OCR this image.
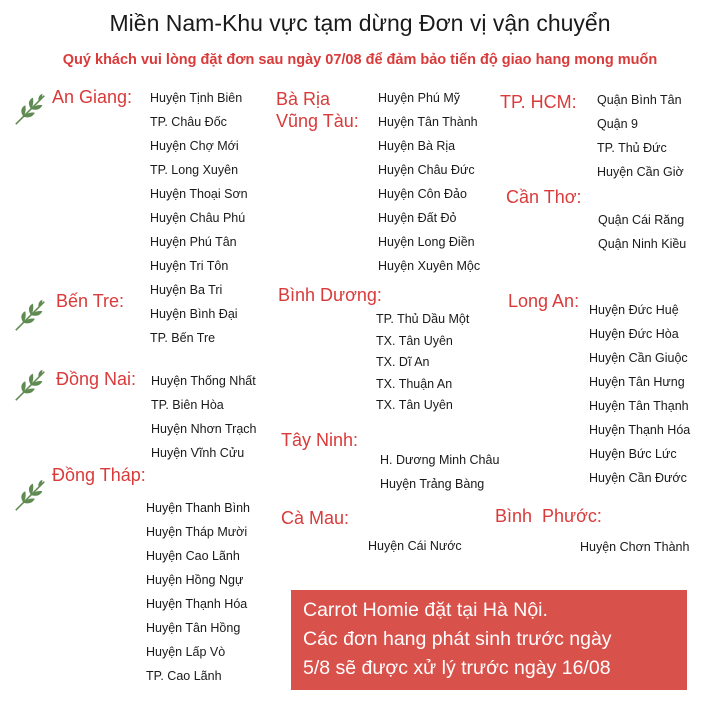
Miền Nam-Khu vực tạm dừng Đơn vị vận chuyển
Quý khách vui lòng đặt đơn sau ngày 07/08 để đảm bảo tiến độ giao hang mong muốn
An Giang: Huyện Tịnh Biên
TP. Châu Đốc
Huyện Chợ Mới
TP. Long Xuyên
Huyện Thoại Sơn
Huyện Châu Phú
Huyện Phú Tân
Huyện Tri Tôn
Huyện Ba Tri
Huyện Bình Đại
TP. Bến Tre
Bến Tre:
Đồng Nai: Huyện Thống Nhất
TP. Biên Hòa
Huyện Nhơn Trạch
Huyện Vĩnh Cửu
Đồng Tháp:
Huyện Thanh Bình
Huyện Tháp Mười
Huyện Cao Lãnh
Huyện Hồng Ngự
Huyện Thạnh Hóa
Huyện Tân Hồng
Huyện Lấp Vò
TP. Cao Lãnh
Bà Rịa
Vũng Tàu:
Huyện Phú Mỹ
Huyện Tân Thành
Huyện Bà Rịa
Huyện Châu Đức
Huyện Côn Đảo
Huyện Đất Đỏ
Huyện Long Điền
Huyện Xuyên Mộc
Bình Dương:
TP. Thủ Dầu Một
TX. Tân Uyên
TX. Dĩ An
TX. Thuận An
TX. Tân Uyên
Tây Ninh:
H. Dương Minh Châu
Huyện Trảng Bàng
Cà Mau:
Huyện Cái Nước
TP. HCM: Quận Bình Tân
Quận 9
TP. Thủ Đức
Huyện Cần Giờ
Cần Thơ:
Quận Cái Răng
Quận Ninh Kiều
Long An: Huyện Đức Huệ
Huyện Đức Hòa
Huyện Cần Giuộc
Huyện Tân Hưng
Huyện Tân Thạnh
Huyện Thạnh Hóa
Huyện Bức Lức
Huyện Cần Đước
Bình  Phước:
Huyện Chơn Thành
Carrot Homie đặt tại Hà Nội.
Các đơn hang phát sinh trước ngày
5/8 sẽ được xử lý trước ngày 16/08
